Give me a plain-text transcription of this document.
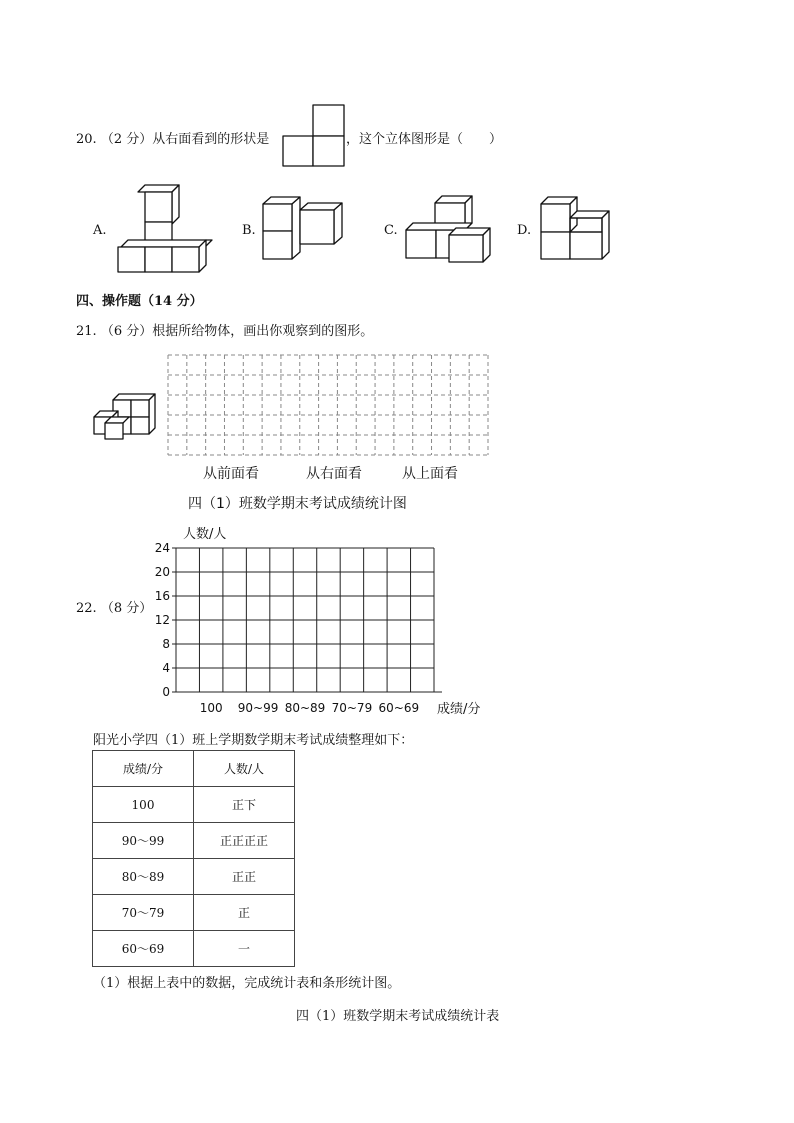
20. （2 分）从右面看到的形状是	，这个立体图形是（　　）
A.	B.	C.	D.
四、操作题（14 分）
21. （6 分）根据所给物体，画出你观察到的图形。
从前面看	从右面看	从上面看
四（1）班数学期末考试成绩统计图
人数/人
22. （8 分）
0
4
8
12
16
20
24
100 90~99 80~89 70~79 60~69 成绩/分
阳光小学四（1）班上学期数学期末考试成绩整理如下：
成绩/分	人数/人
100	正下
90～99	正正正正
80～89	正正
70～79	正
60～69	一
（1）根据上表中的数据，完成统计表和条形统计图。
四（1）班数学期末考试成绩统计表
